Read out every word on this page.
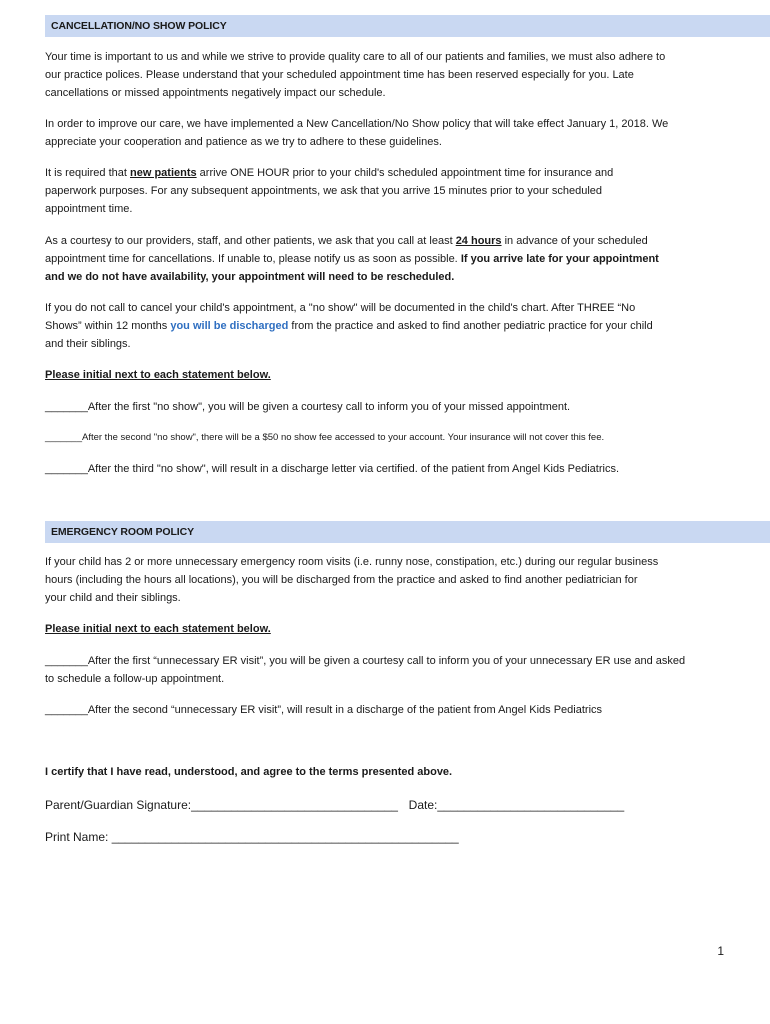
CANCELLATION/NO SHOW POLICY

Your time is important to us and while we strive to provide quality care to all of our patients and families, we must also adhere to

our practice polices. Please understand that your scheduled appointment time has been reserved especially for you. Late

cancellations or missed appointments negatively impact our schedule.

In order to improve our care, we have implemented a New Cancellation/No Show policy that will take effect January 1, 2018. We

appreciate your cooperation and patience as we try to adhere to these guidelines.

It is required that new patients arrive ONE HOUR prior to your child's scheduled appointment time for insurance and

paperwork purposes. For any subsequent appointments, we ask that you arrive 15 minutes prior to your scheduled

appointment time.

As a courtesy to our providers, staff, and other patients, we ask that you call at least 24 hours in advance of your scheduled

appointment time for cancellations. If unable to, please notify us as soon as possible. If you arrive late for your appointment

and we do not have availability, your appointment will need to be rescheduled.

If you do not call to cancel your child's appointment, a "no show" will be documented in the child's chart. After THREE “No

Shows” within 12 months you will be discharged from the practice and asked to find another pediatric practice for your child

and their siblings.

Please initial next to each statement below.

_______After the first "no show", you will be given a courtesy call to inform you of your missed appointment.

_______After the second "no show", there will be a $50 no show fee accessed to your account. Your insurance will not cover this fee.

_______After the third "no show", will result in a discharge letter via certified. of the patient from Angel Kids Pediatrics.

EMERGENCY ROOM POLICY

If your child has 2 or more unnecessary emergency room visits (i.e. runny nose, constipation, etc.) during our regular business

hours (including the hours all locations), you will be discharged from the practice and asked to find another pediatrician for

your child and their siblings.

Please initial next to each statement below.

_______After the first “unnecessary ER visit”, you will be given a courtesy call to inform you of your unnecessary ER use and asked

to schedule a follow-up appointment.

_______After the second “unnecessary ER visit”, will result in a discharge of the patient from Angel Kids Pediatrics

I certify that I have read, understood, and agree to the terms presented above.

Parent/Guardian Signature:_______________________________ Date:____________________________

Print Name: ____________________________________________________

1
